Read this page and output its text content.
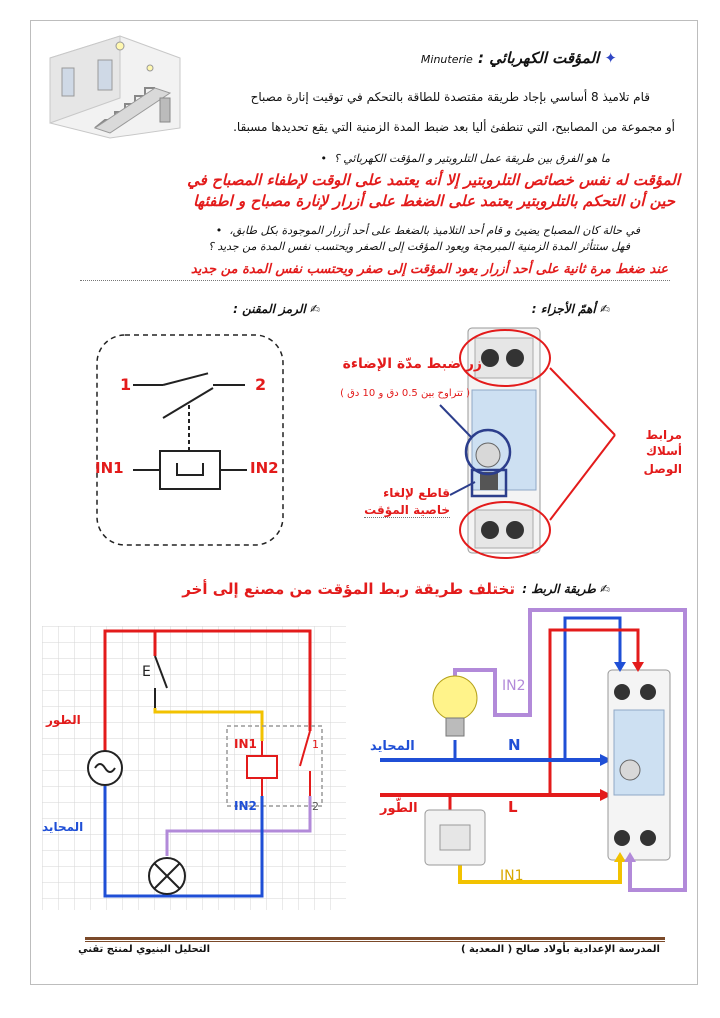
✦ المؤقت الكهربائي : Minuterie
قام تلاميذ 8 أساسي بإجاد طريقة مقتصدة للطاقة بالتحكم في توقيت إنارة مصباح
أو مجموعة من المصابيح، التي تنطفئ أليا بعد ضبط المدة الزمنية التي يقع تحديدها مسبقا.
ما هو الفرق بين طريقة عمل التلروبتير و المؤقت الكهربائي ؟  •
المؤقت له نفس خصائص التلروبتير إلا أنه يعتمد على الوقت لإطفاء المصباح في
حين أن التحكم بالتلروبتير يعتمد على الضغط على أزرار لإنارة مصباح و اطفئها
في حالة كان المصباح يضيئ و قام أحد التلاميذ بالضغط على أحد أزرار الموجودة بكل طابق،  •
فهل ستتأثر المدة الزمنية المبرمجة ويعود المؤقت إلى الصفر ويحتسب نفس المدة من جديد ؟
عند ضغط مرة ثانية على أحد أزرار يعود المؤقت إلى صفر ويحتسب نفس المدة من جديد
✍ الرمز المقنن :	✍ أهمّ الأجزاء :
1	2
IN1	IN2
زر ضبط مدّة الإضاءة
( تتراوح بين 0.5 دق و 10 دق )
قاطع لإلغاء
خاصية المؤقت
مرابط
أسلاك
الوصل
✍ طريقة الربط :
تختلف طريقة ربط المؤقت من مصنع إلى أخر
الطور
المحايد
E
IN1
IN2
1
2
المحايد
الطّور
N
L
IN1
IN2
التحليل البنيوي لمنتج تقني	المدرسة الإعدادية بأولاد صالح ( المعدية )
